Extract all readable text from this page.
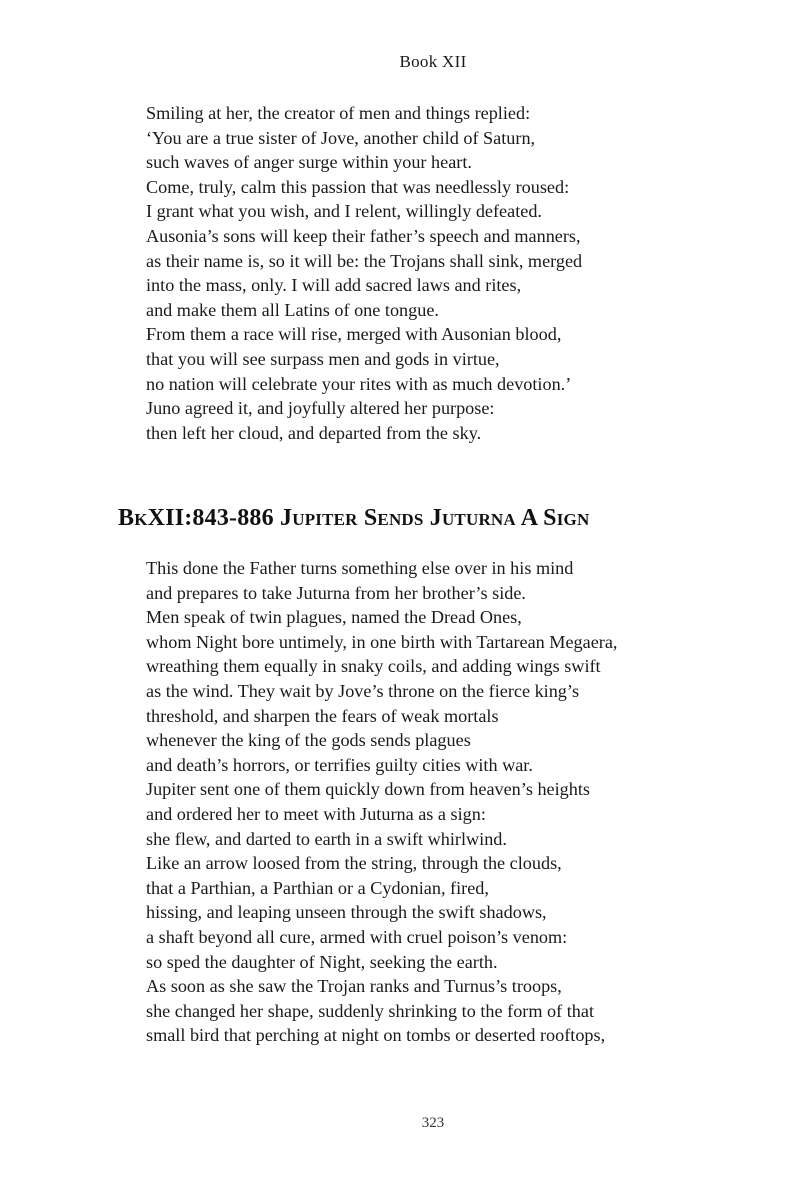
Book XII
Smiling at her, the creator of men and things replied:
‘You are a true sister of Jove, another child of Saturn,
such waves of anger surge within your heart.
Come, truly, calm this passion that was needlessly roused:
I grant what you wish, and I relent, willingly defeated.
Ausonia’s sons will keep their father’s speech and manners,
as their name is, so it will be: the Trojans shall sink, merged
into the mass, only. I will add sacred laws and rites,
and make them all Latins of one tongue.
From them a race will rise, merged with Ausonian blood,
that you will see surpass men and gods in virtue,
no nation will celebrate your rites with as much devotion.’
Juno agreed it, and joyfully altered her purpose:
then left her cloud, and departed from the sky.
BkXII:843-886 Jupiter Sends Juturna A Sign
This done the Father turns something else over in his mind
and prepares to take Juturna from her brother’s side.
Men speak of twin plagues, named the Dread Ones,
whom Night bore untimely, in one birth with Tartarean Megaera,
wreathing them equally in snaky coils, and adding wings swift
as the wind. They wait by Jove’s throne on the fierce king’s
threshold, and sharpen the fears of weak mortals
whenever the king of the gods sends plagues
and death’s horrors, or terrifies guilty cities with war.
Jupiter sent one of them quickly down from heaven’s heights
and ordered her to meet with Juturna as a sign:
she flew, and darted to earth in a swift whirlwind.
Like an arrow loosed from the string, through the clouds,
that a Parthian, a Parthian or a Cydonian, fired,
hissing, and leaping unseen through the swift shadows,
a shaft beyond all cure, armed with cruel poison’s venom:
so sped the daughter of Night, seeking the earth.
As soon as she saw the Trojan ranks and Turnus’s troops,
she changed her shape, suddenly shrinking to the form of that
small bird that perching at night on tombs or deserted rooftops,
323
